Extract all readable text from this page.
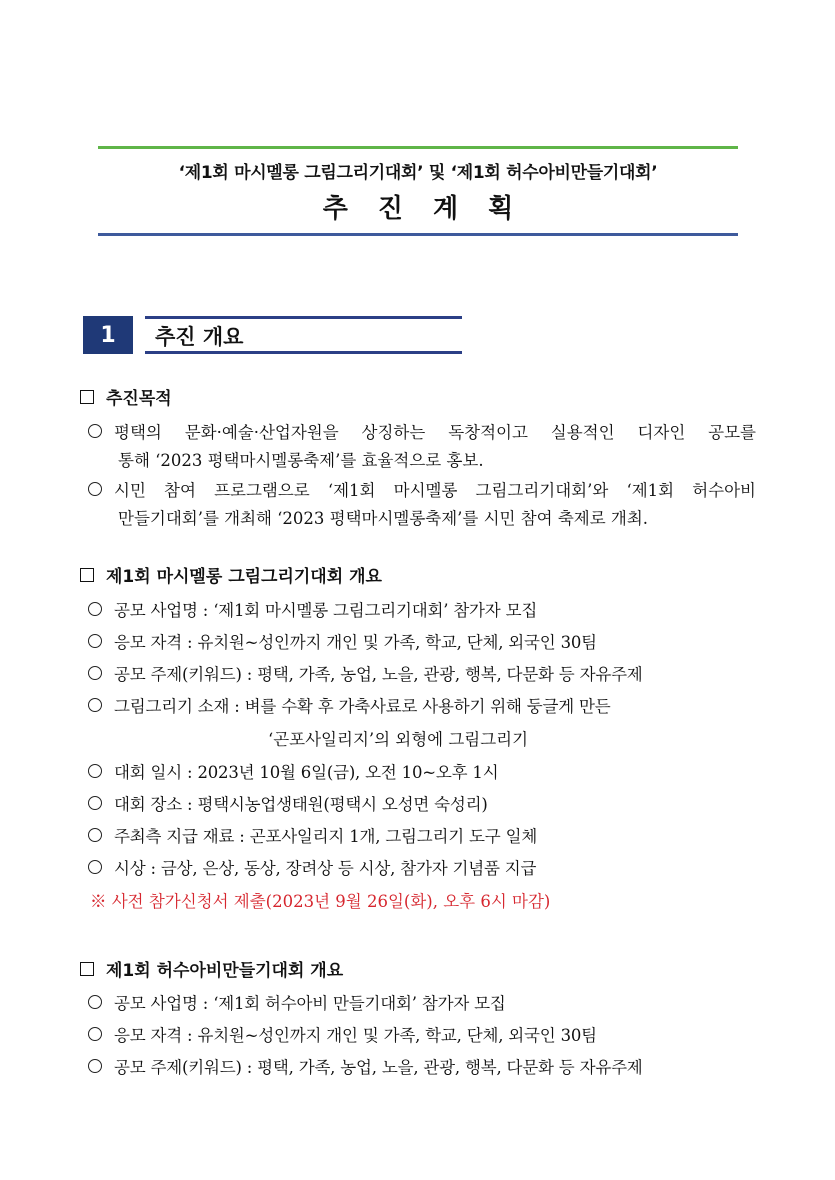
‘제1회 마시멜롱 그림그리기대회’ 및 ‘제1회 허수아비만들기대회’
추진계획
1	추진 개요
추진목적
평택의 문화·예술·산업자원을 상징하는 독창적이고 실용적인 디자인 공모를
통해 ‘2023 평택마시멜롱축제’를 효율적으로 홍보.
시민 참여 프로그램으로 ‘제1회 마시멜롱 그림그리기대회’와 ‘제1회 허수아비
만들기대회’를 개최해 ‘2023 평택마시멜롱축제’를 시민 참여 축제로 개최.
제1회 마시멜롱 그림그리기대회 개요
공모 사업명 : ‘제1회 마시멜롱 그림그리기대회’ 참가자 모집
응모 자격 : 유치원~성인까지 개인 및 가족, 학교, 단체, 외국인 30팀
공모 주제(키워드) : 평택, 가족, 농업, 노을, 관광, 행복, 다문화 등 자유주제
그림그리기 소재 : 벼를 수확 후 가축사료로 사용하기 위해 둥글게 만든
‘곤포사일리지’의 외형에 그림그리기
대회 일시 : 2023년 10월 6일(금), 오전 10~오후 1시
대회 장소 : 평택시농업생태원(평택시 오성면 숙성리)
주최측 지급 재료 : 곤포사일리지 1개, 그림그리기 도구 일체
시상 : 금상, 은상, 동상, 장려상 등 시상, 참가자 기념품 지급
※ 사전 참가신청서 제출(2023년 9월 26일(화), 오후 6시 마감)
제1회 허수아비만들기대회 개요
공모 사업명 : ‘제1회 허수아비 만들기대회’ 참가자 모집
응모 자격 : 유치원~성인까지 개인 및 가족, 학교, 단체, 외국인 30팀
공모 주제(키워드) : 평택, 가족, 농업, 노을, 관광, 행복, 다문화 등 자유주제
